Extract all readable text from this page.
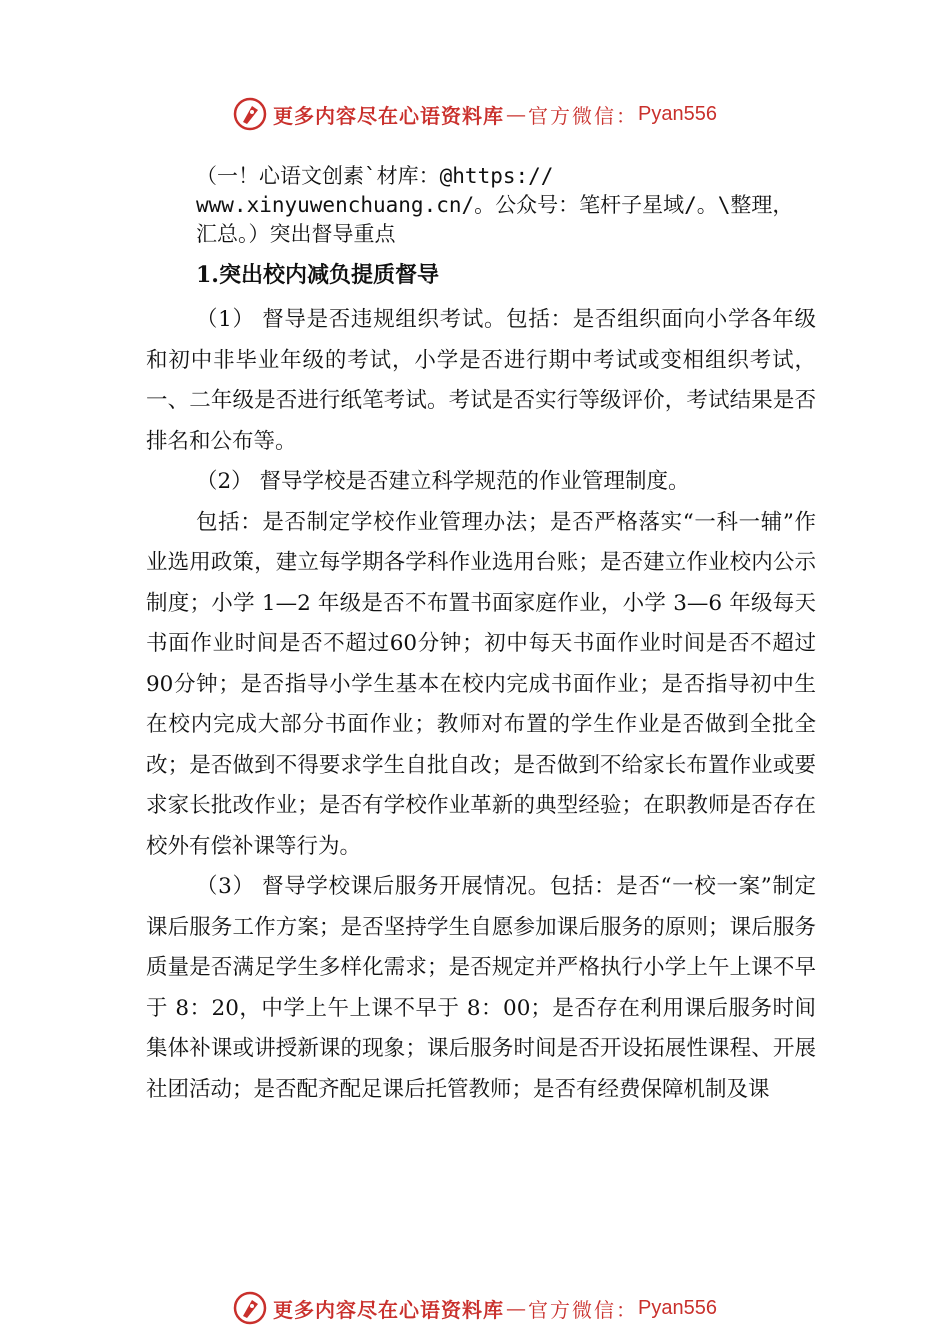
更多内容尽在心语资料库 — 官方微信： Pyan556
（一！心语文创素`材库：@https://
www.xinyuwenchuang.cn/。公众号：笔杆子星域/。\整理，
汇总。）突出督导重点
1.突出校内减负提质督导

（1） 督导是否违规组织考试。包括：是否组织面向小学各年级和初中非毕业年级的考试，小学是否进行期中考试或变相组织考试，一、二年级是否进行纸笔考试。考试是否实行等级评价，考试结果是否排名和公布等。

（2） 督导学校是否建立科学规范的作业管理制度。

包括：是否制定学校作业管理办法；是否严格落实“一科一辅”作业选用政策，建立每学期各学科作业选用台账；是否建立作业校内公示制度；小学 1—2 年级是否不布置书面家庭作业，小学 3—6 年级每天书面作业时间是否不超过60分钟；初中每天书面作业时间是否不超过 90分钟；是否指导小学生基本在校内完成书面作业；是否指导初中生在校内完成大部分书面作业；教师对布置的学生作业是否做到全批全改；是否做到不得要求学生自批自改；是否做到不给家长布置作业或要求家长批改作业；是否有学校作业革新的典型经验；在职教师是否存在校外有偿补课等行为。

（3） 督导学校课后服务开展情况。包括：是否“一校一案”制定课后服务工作方案；是否坚持学生自愿参加课后服务的原则；课后服务质量是否满足学生多样化需求；是否规定并严格执行小学上午上课不早于 8：20，中学上午上课不早于 8：00；是否存在利用课后服务时间集体补课或讲授新课的现象；课后服务时间是否开设拓展性课程、开展社团活动；是否配齐配足课后托管教师；是否有经费保障机制及课

更多内容尽在心语资料库 — 官方微信： Pyan556
